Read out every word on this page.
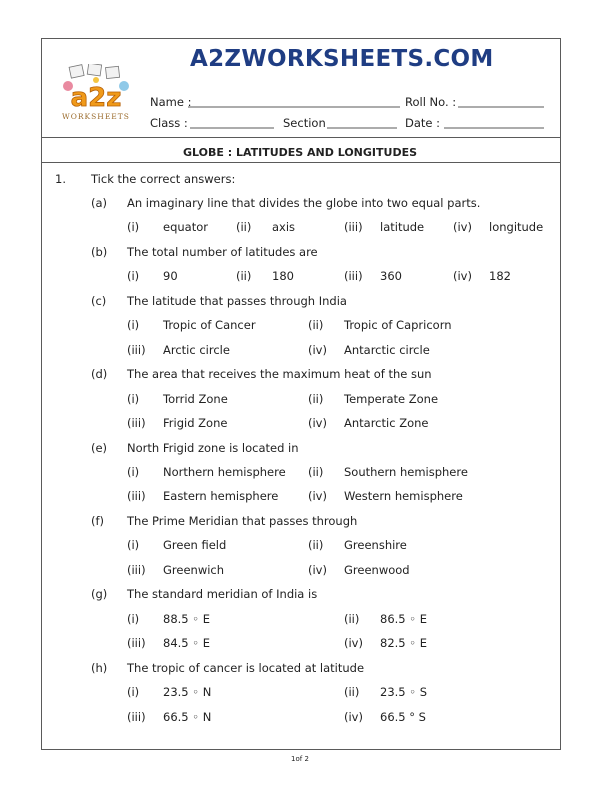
a2z
WORKSHEETS
A2ZWORKSHEETS.COM
Name :	Roll No. :
Class :	Section	Date :
GLOBE : LATITUDES AND LONGITUDES
1. Tick the correct answers:
(a) An imaginary line that divides the globe into two equal parts.
(i) equator (ii) axis	(iii) latitude	(iv) longitude
(b) The total number of latitudes are
(i) 90	(ii) 180	(iii) 360	(iv) 182
(c) The latitude that passes through India
(i) Tropic of Cancer	(ii) Tropic of Capricorn
(iii) Arctic circle	(iv) Antarctic circle
(d) The area that receives the maximum heat of the sun
(i) Torrid Zone	(ii) Temperate Zone
(iii) Frigid Zone	(iv) Antarctic Zone
(e) North Frigid zone is located in
(i) Northern hemisphere (ii) Southern hemisphere
(iii) Eastern hemisphere	(iv) Western hemisphere
(f) The Prime Meridian that passes through
(i) Green field	(ii) Greenshire
(iii) Greenwich	(iv) Greenwood
(g) The standard meridian of India is
(i) 88.5 ◦ E	(ii) 86.5 ◦ E
(iii) 84.5 ◦ E	(iv) 82.5 ◦ E
(h) The tropic of cancer is located at latitude
(i) 23.5 ◦ N	(ii) 23.5 ◦ S
(iii) 66.5 ◦ N	(iv) 66.5 ° S
1of 2
